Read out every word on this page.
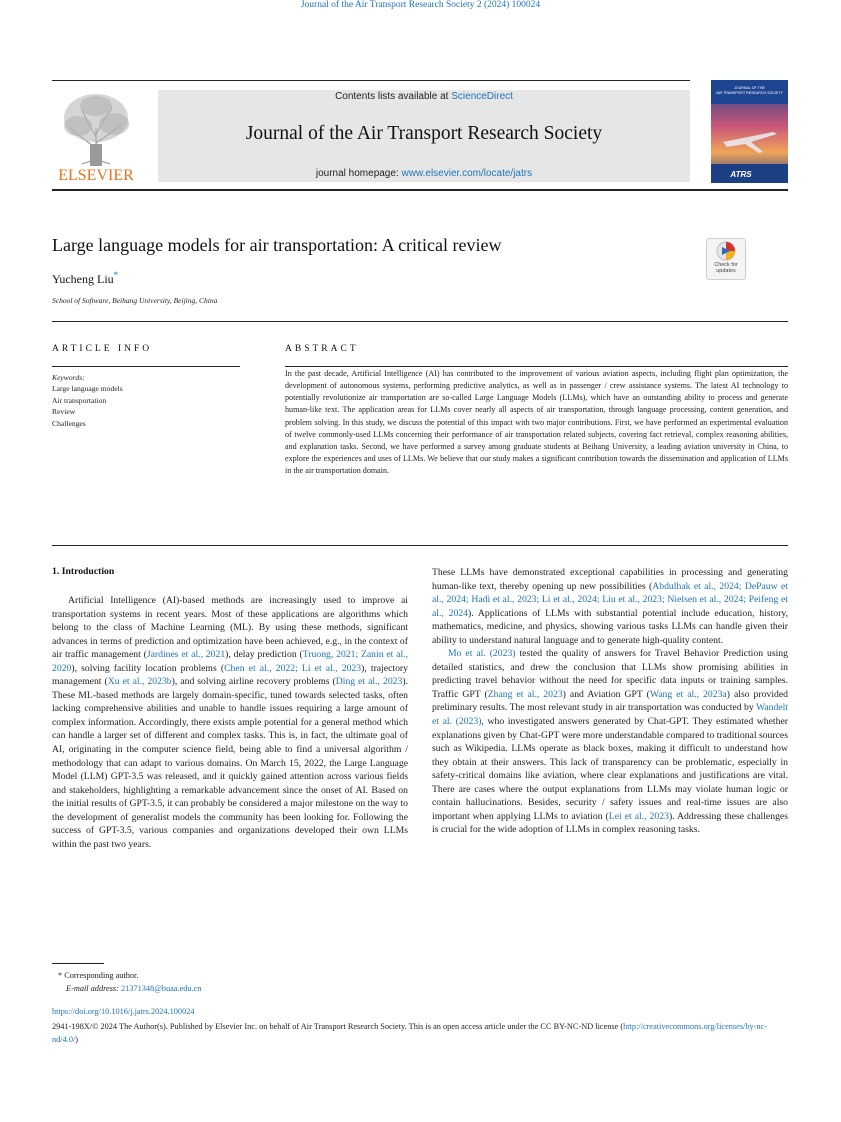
Journal of the Air Transport Research Society 2 (2024) 100024
ELSEVIER
Contents lists available at ScienceDirect
Journal of the Air Transport Research Society
journal homepage: www.elsevier.com/locate/jatrs
JOURNAL OF THE
AIR TRANSPORT RESEARCH SOCIETY
ATRS
Large language models for air transportation: A critical review
Yucheng Liu*
School of Software, Beihang University, Beijing, China
Check for updates
ARTICLE INFO	ABSTRACT
Keywords:
Large language models
Air transportation
Review
Challenges
In the past decade, Artificial Intelligence (AI) has contributed to the improvement of various aviation aspects, including flight plan optimization, the development of autonomous systems, performing predictive analytics, as well as in passenger / crew assistance systems. The latest AI technology to potentially revolutionize air transportation are so-called Large Language Models (LLMs), which have an outstanding ability to process and generate human-like text. The application areas for LLMs cover nearly all aspects of air transportation, through language processing, content generation, and problem solving. In this study, we discuss the potential of this impact with two major contributions. First, we have performed an experimental evaluation of twelve commonly-used LLMs concerning their performance of air transportation related subjects, covering fact retrieval, complex reasoning abilities, and explanation tasks. Second, we have performed a survey among graduate students at Beihang University, a leading aviation university in China, to explore the experiences and uses of LLMs. We believe that our study makes a significant contribution towards the dissemination and application of LLMs in the air transportation domain.
1. Introduction

Artificial Intelligence (AI)-based methods are increasingly used to improve ai transportation systems in recent years. Most of these applications are algorithms which belong to the class of Machine Learning (ML). By using these methods, significant advances in terms of prediction and optimization have been achieved, e.g., in the context of air traffic management (Jardines et al., 2021), delay prediction (Truong, 2021; Zanin et al., 2020), solving facility location problems (Chen et al., 2022; Li et al., 2023), trajectory management (Xu et al., 2023b), and solving airline recovery problems (Ding et al., 2023). These ML-based methods are largely domain-specific, tuned towards selected tasks, often lacking comprehensive abilities and unable to handle issues requiring a large amount of complex information. Accordingly, there exists ample potential for a general method which can handle a larger set of different and complex tasks. This is, in fact, the ultimate goal of AI, originating in the computer science field, being able to find a universal algorithm / methodology that can adapt to various domains. On March 15, 2022, the Large Language Model (LLM) GPT-3.5 was released, and it quickly gained attention across various fields and stakeholders, highlighting a remarkable advancement since the onset of AI. Based on the initial results of GPT-3.5, it can probably be considered a major milestone on the way to the development of generalist models the community has been looking for. Following the success of GPT-3.5, various companies and organizations developed their own LLMs within the past two years.

These LLMs have demonstrated exceptional capabilities in processing and generating human-like text, thereby opening up new possibilities (Abdulhak et al., 2024; DePauw et al., 2024; Hadi et al., 2023; Li et al., 2024; Liu et al., 2023; Nielsen et al., 2024; Peifeng et al., 2024). Applications of LLMs with substantial potential include education, history, mathematics, medicine, and physics, showing various tasks LLMs can handle given their ability to understand natural language and to generate high-quality content.

Mo et al. (2023) tested the quality of answers for Travel Behavior Prediction using detailed statistics, and drew the conclusion that LLMs show promising abilities in predicting travel behavior without the need for specific data inputs or training samples. Traffic GPT (Zhang et al., 2023) and Aviation GPT (Wang et al., 2023a) also provided preliminary results. The most relevant study in air transportation was conducted by Wandelt et al. (2023), who investigated answers generated by Chat-GPT. They estimated whether explanations given by Chat-GPT were more understandable compared to traditional sources such as Wikipedia. LLMs operate as black boxes, making it difficult to understand how they obtain at their answers. This lack of transparency can be problematic, especially in safety-critical domains like aviation, where clear explanations and justifications are vital. There are cases where the output explanations from LLMs may violate human logic or contain hallucinations. Besides, security / safety issues and real-time issues are also important when applying LLMs to aviation (Lei et al., 2023). Addressing these challenges is crucial for the wide adoption of LLMs in complex reasoning tasks.

* Corresponding author.
E-mail address: 21371348@buaa.edu.cn
https://doi.org/10.1016/j.jatrs.2024.100024
2941-198X/© 2024 The Author(s). Published by Elsevier Inc. on behalf of Air Transport Research Society. This is an open access article under the CC BY-NC-ND license (http://creativecommons.org/licenses/by-nc-nd/4.0/)
